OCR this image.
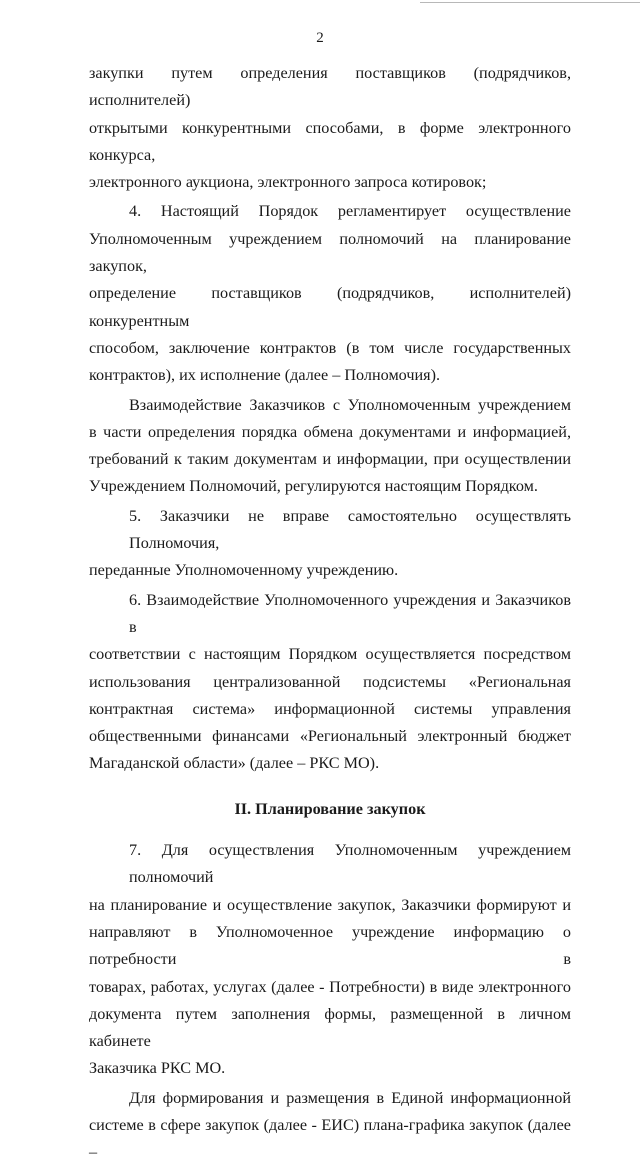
2
закупки путем определения поставщиков (подрядчиков, исполнителей)
открытыми конкурентными способами, в форме электронного конкурса,
электронного аукциона, электронного запроса котировок;
4. Настоящий Порядок регламентирует осуществление
Уполномоченным учреждением полномочий на планирование закупок,
определение поставщиков (подрядчиков, исполнителей) конкурентным
способом, заключение контрактов (в том числе государственных
контрактов), их исполнение (далее – Полномочия).
Взаимодействие Заказчиков с Уполномоченным учреждением
в части определения порядка обмена документами и информацией,
требований к таким документам и информации, при осуществлении
Учреждением Полномочий, регулируются настоящим Порядком.
5. Заказчики не вправе самостоятельно осуществлять Полномочия,
переданные Уполномоченному учреждению.
6. Взаимодействие Уполномоченного учреждения и Заказчиков в
соответствии с настоящим Порядком осуществляется посредством
использования централизованной подсистемы «Региональная
контрактная система» информационной системы управления
общественными финансами «Региональный электронный бюджет
Магаданской области» (далее – РКС МО).
II. Планирование закупок
7. Для осуществления Уполномоченным учреждением полномочий
на планирование и осуществление закупок, Заказчики формируют и
направляют в Уполномоченное учреждение информацию о потребности в
товарах, работах, услугах (далее - Потребности) в виде электронного
документа путем заполнения формы, размещенной в личном кабинете
Заказчика РКС МО.
Для формирования и размещения в Единой информационной
системе в сфере закупок (далее - ЕИС) плана-графика закупок (далее –
